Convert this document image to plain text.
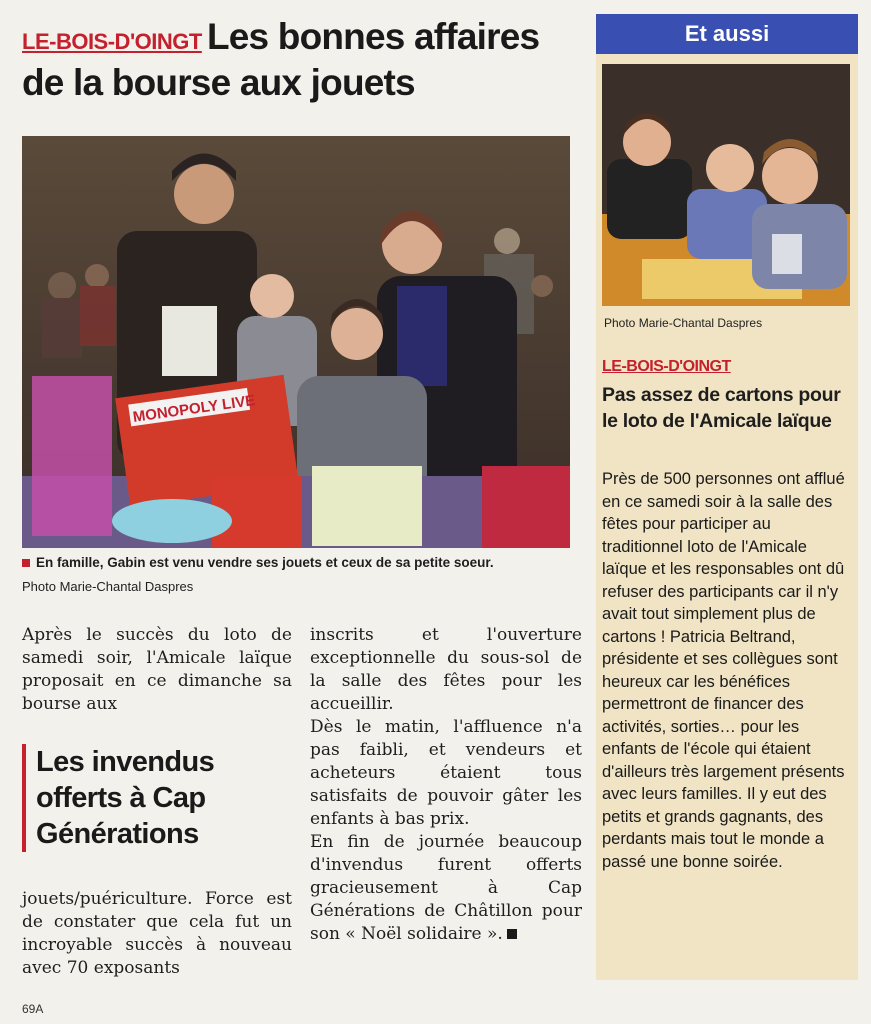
LE-BOIS-D'OINGT Les bonnes affaires
de la bourse aux jouets
MONOPOLY LIVE
En famille, Gabin est venu vendre ses jouets et ceux de sa petite soeur.
Photo Marie-Chantal Daspres
Après le succès du loto de samedi soir, l'Amicale laïque proposait en ce dimanche sa bourse aux
Les invendus offerts à Cap Générations
jouets/puériculture. Force est de constater que cela fut un incroyable succès à nouveau avec 70 exposants
inscrits et l'ouverture exceptionnelle du sous-sol de la salle des fêtes pour les accueillir.
Dès le matin, l'affluence n'a pas faibli, et vendeurs et acheteurs étaient tous satisfaits de pouvoir gâter les enfants à bas prix.
En fin de journée beaucoup d'invendus furent offerts gracieusement à Cap Générations de Châtillon pour son « Noël solidaire ».
Et aussi
Photo Marie-Chantal Daspres
LE-BOIS-D'OINGT
Pas assez de cartons pour le loto de l'Amicale laïque
Près de 500 personnes ont afflué en ce samedi soir à la salle des fêtes pour participer au traditionnel loto de l'Amicale laïque et les responsables ont dû refuser des participants car il n'y avait tout simplement plus de cartons ! Patricia Beltrand, présidente et ses collègues sont heureux car les bénéfices permettront de financer des activités, sorties… pour les enfants de l'école qui étaient d'ailleurs très largement présents avec leurs familles. Il y eut des petits et grands gagnants, des perdants mais tout le monde a passé une bonne soirée.
69A
